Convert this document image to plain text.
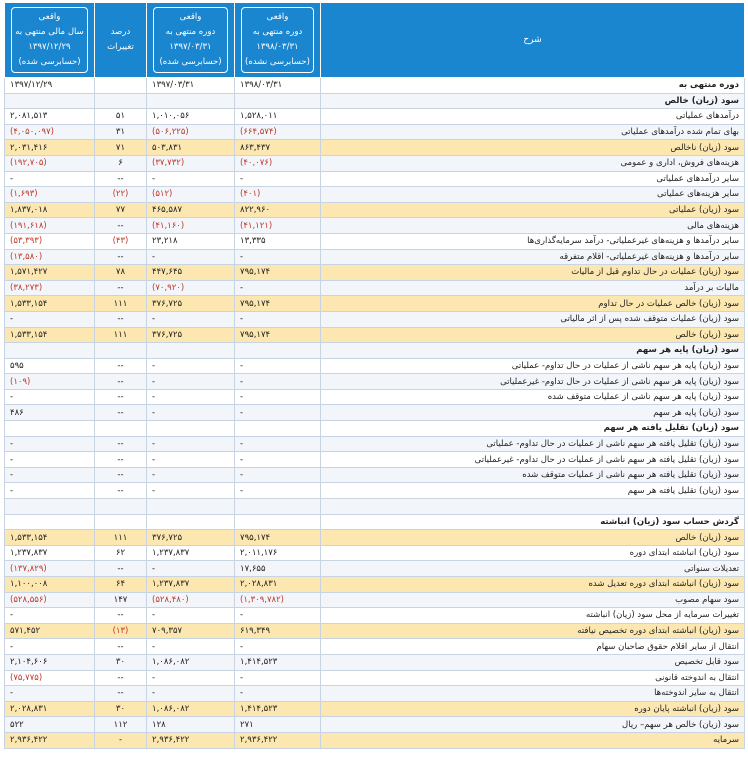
شرح	واقعی
دوره منتهی به
۱۳۹۸/۰۳/۳۱
(حسابرسی نشده)	واقعی
دوره منتهی به
۱۳۹۷/۰۳/۳۱
(حسابرسی شده)	درصد
تغییرات	واقعی
سال مالی منتهی به
۱۳۹۷/۱۲/۲۹
(حسابرسی شده)

دوره منتهی به	۱۳۹۸/۰۳/۳۱	۱۳۹۷/۰۳/۳۱		۱۳۹۷/۱۲/۲۹
سود (زیان) خالص				
درآمدهای عملیاتی	۱,۵۲۸,۰۱۱	۱,۰۱۰,۰۵۶	۵۱	۲,۰۸۱,۵۱۳
بهای تمام شده درآمدهای عملیاتی	(۶۶۴,۵۷۴)	(۵۰۶,۲۲۵)	۳۱	(۴,۰۵۰,۰۹۷)
سود (زیان) ناخالص	۸۶۳,۴۳۷	۵۰۳,۸۳۱	۷۱	۲,۰۳۱,۴۱۶
هزینه‌های فروش، اداری و عمومی	(۴۰,۰۷۶)	(۳۷,۷۳۲)	۶	(۱۹۲,۷۰۵)
سایر درآمدهای عملیاتی	-	-	--	-
سایر هزینه‌های عملیاتی	(۴۰۱)	(۵۱۲)	(۲۲)	(۱,۶۹۳)
سود (زیان) عملیاتی	۸۲۲,۹۶۰	۴۶۵,۵۸۷	۷۷	۱,۸۳۷,۰۱۸
هزینه‌های مالی	(۴۱,۱۲۱)	(۴۱,۱۶۰)	--	(۱۹۱,۶۱۸)
سایر درآمدها و هزینه‌های غیرعملیاتی- درآمد سرمایه‌گذاری‌ها	۱۳,۳۳۵	۲۳,۲۱۸	(۴۳)	(۵۳,۳۹۳)
سایر درآمدها و هزینه‌های غیرعملیاتی- اقلام متفرقه	-	-	--	(۱۳,۵۸۰)
سود (زیان) عملیات در حال تداوم قبل از مالیات	۷۹۵,۱۷۴	۴۴۷,۶۴۵	۷۸	۱,۵۷۱,۴۲۷
مالیات بر درآمد	-	(۷۰,۹۲۰)	--	(۳۸,۲۷۳)
سود (زیان) خالص عملیات در حال تداوم	۷۹۵,۱۷۴	۳۷۶,۷۲۵	۱۱۱	۱,۵۳۳,۱۵۴
سود (زیان) عملیات متوقف شده پس از اثر مالیاتی	-	-	--	-
سود (زیان) خالص	۷۹۵,۱۷۴	۳۷۶,۷۲۵	۱۱۱	۱,۵۳۳,۱۵۴
سود (زیان) پایه هر سهم				
سود (زیان) پایه هر سهم ناشی از عملیات در حال تداوم- عملیاتی	-	-	--	۵۹۵
سود (زیان) پایه هر سهم ناشی از عملیات در حال تداوم- غیرعملیاتی	-	-	--	(۱۰۹)
سود (زیان) پایه هر سهم ناشی از عملیات متوقف شده	-	-	--	-
سود (زیان) پایه هر سهم	-	-	--	۴۸۶
سود (زیان) تقلیل یافته هر سهم				
سود (زیان) تقلیل یافته هر سهم ناشی از عملیات در حال تداوم- عملیاتی	-	-	--	-
سود (زیان) تقلیل یافته هر سهم ناشی از عملیات در حال تداوم- غیرعملیاتی	-	-	--	-
سود (زیان) تقلیل یافته هر سهم ناشی از عملیات متوقف شده	-	-	--	-
سود (زیان) تقلیل یافته هر سهم	-	-	--	-

گردش حساب سود (زیان) انباشته				
سود (زیان) خالص	۷۹۵,۱۷۴	۳۷۶,۷۲۵	۱۱۱	۱,۵۳۳,۱۵۴
سود (زیان) انباشته ابتدای دوره	۲,۰۱۱,۱۷۶	۱,۲۳۷,۸۳۷	۶۲	۱,۲۳۷,۸۳۷
تعدیلات سنواتی	۱۷,۶۵۵	-	--	(۱۳۷,۸۲۹)
سود (زیان) انباشته ابتدای دوره تعدیل شده	۲,۰۲۸,۸۳۱	۱,۲۳۷,۸۳۷	۶۴	۱,۱۰۰,۰۰۸
سود سهام مصوب	(۱,۳۰۹,۷۸۲)	(۵۲۸,۴۸۰)	۱۴۷	(۵۲۸,۵۵۶)
تغییرات سرمایه از محل سود (زیان) انباشته	-	-	--	-
سود (زیان) انباشته ابتدای دوره تخصیص نیافته	۶۱۹,۳۴۹	۷۰۹,۳۵۷	(۱۳)	۵۷۱,۴۵۲
انتقال از سایر اقلام حقوق صاحبان سهام	-	-	--	-
سود قابل تخصیص	۱,۴۱۴,۵۲۳	۱,۰۸۶,۰۸۲	۳۰	۲,۱۰۴,۶۰۶
انتقال به اندوخته قانونی	-	-	--	(۷۵,۷۷۵)
انتقال به سایر اندوخته‌ها	-	-	--	-
سود (زیان) انباشته پایان دوره	۱,۴۱۴,۵۲۳	۱,۰۸۶,۰۸۲	۳۰	۲,۰۲۸,۸۳۱
سود (زیان) خالص هر سهم– ریال	۲۷۱	۱۲۸	۱۱۲	۵۲۲
سرمایه	۲,۹۳۶,۴۲۲	۲,۹۳۶,۴۲۲	-	۲,۹۳۶,۴۲۲
